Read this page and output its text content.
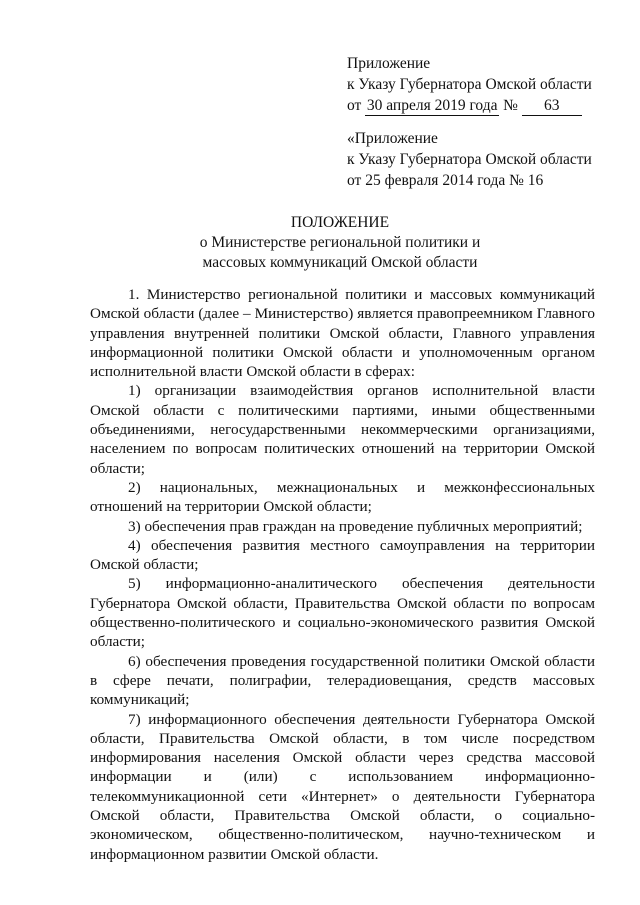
Приложение
к Указу Губернатора Омской области
от 30 апреля 2019 года № 63
«Приложение
к Указу Губернатора Омской области
от 25 февраля 2014 года № 16
ПОЛОЖЕНИЕ
о Министерстве региональной политики и
массовых коммуникаций Омской области

1. Министерство региональной политики и массовых коммуникаций Омской области (далее – Министерство) является правопреемником Главного управления внутренней политики Омской области, Главного управления информационной политики Омской области и уполномоченным органом исполнительной власти Омской области в сферах:

1) организации взаимодействия органов исполнительной власти Омской области с политическими партиями, иными общественными объединениями, негосударственными некоммерческими организациями, населением по вопросам политических отношений на территории Омской области;

2) национальных, межнациональных и межконфессиональных отношений на территории Омской области;

3) обеспечения прав граждан на проведение публичных мероприятий;

4) обеспечения развития местного самоуправления на территории Омской области;

5) информационно-аналитического обеспечения деятельности Губернатора Омской области, Правительства Омской области по вопросам общественно-политического и социально-экономического развития Омской области;

6) обеспечения проведения государственной политики Омской области в сфере печати, полиграфии, телерадиовещания, средств массовых коммуникаций;

7) информационного обеспечения деятельности Губернатора Омской области, Правительства Омской области, в том числе посредством информирования населения Омской области через средства массовой информации и (или) с использованием информационно-телекоммуникационной сети «Интернет» о деятельности Губернатора Омской области, Правительства Омской области, о социально-экономическом, общественно-политическом, научно-техническом и информационном развитии Омской области.
